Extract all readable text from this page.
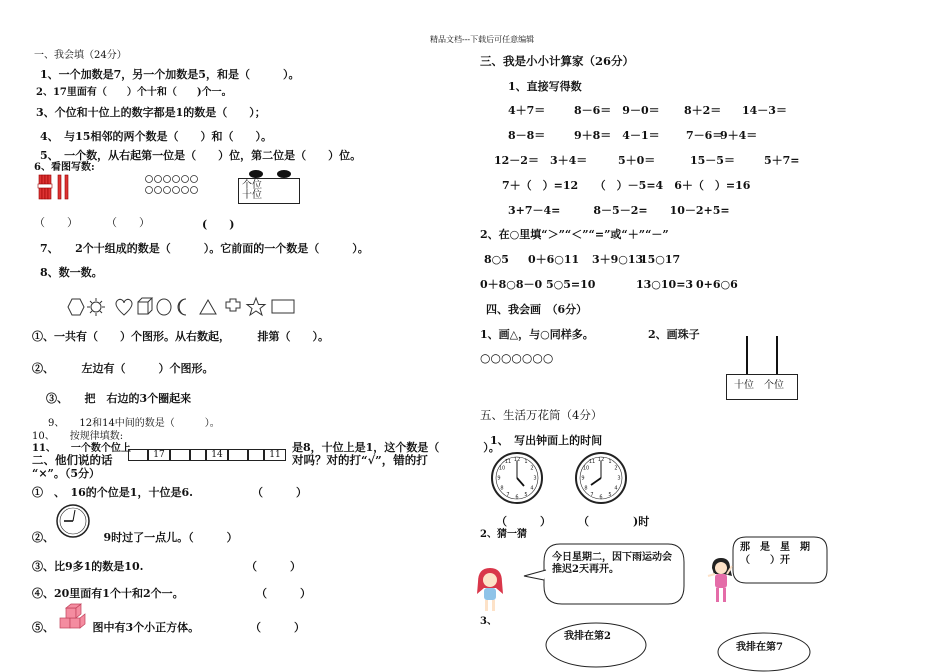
精品文档---下载后可任意编辑
一、我会填（24分）
1、一个加数是7，另一个加数是5，和是（　　　）。
2、17里面有（　　）个十和（　　)个一。
3、个位和十位上的数字都是1的数是（　　）；
4、　与15相邻的两个数是（　　）和（　　）。
5、　一个数，从右起第一位是（　　）位，第二位是（　　）位。
6、看图写数:
个位
十位
（　　）	（　　）	(　　)
7、　　2个十组成的数是（　　　）。它前面的一个数是（　　　）。
8、数一数。
①、一共有（　　）个图形。从右数起，　　　排第（　　）。
②、　　　左边有（　　　）个图形。
③、　　把　右边的3个圈起来
9、　　12和14中间的数是（　　　）。
10、　　按规律填数:
11、　　一个数个位上
17	14	11
是8，十位上是1，这个数是（　　　　）。
二、他们说的话	对吗？对的打“√”，错的打
“×”。（5分）
①　、　16的个位是1，十位是6.	（　　　）
②、　　　　　9时过了一点儿。（　　　）
③、比9多1的数是10.	（　　　）
④、20里面有1个十和2个一。	（　　　）
⑤、　　　　图中有3个小正方体。	（　　　）
三、我是小小计算家（26分）
1、直接写得数
4＋7＝	8－6＝　9－0＝ 8＋2＝ 14－3＝
8－8＝	9＋8＝　4－1＝ 7－6＝
9＋4＝
12－2＝ 3＋4＝	5＋0＝	15－5＝	5＋7=
7＋（　）=12　　（　）－5=4　6＋（　）=16
3+7－4=　　　8－5－2=　　10－2+5=
2、在○里填“＞”“＜”“=”或“＋”“－”
8○5 0＋6○11 3＋9○13
15○17
0＋8○8－0 5○5=10	13○10=3 0+6○6
四、我会画　（6分）
1、画△，与○同样多。	2、画珠子
○○○○○○○
十位 个位
五、生活万花筒（4分）
1、　写出钟面上的时间
12 1
2
3
4
5
6
7
8
9
10
11	12 1
2
3
4
5
6
7
8
9
10
11
（　　　） （　　　　)时
2、猜一猜
今日星期二，因下雨运动会推迟2天再开。
那　是　星　期　（　　）开
3、
我排在第2
我排在第7
